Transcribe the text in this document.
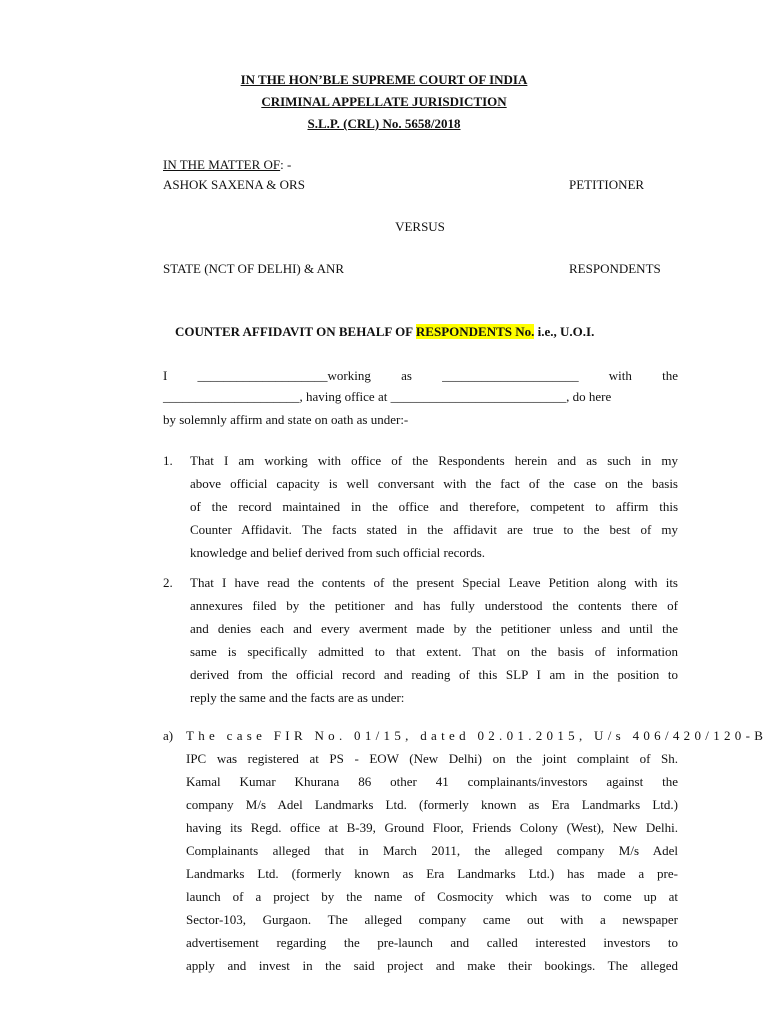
IN THE HON’BLE SUPREME COURT OF INDIA
CRIMINAL APPELLATE JURISDICTION
S.L.P. (CRL) No. 5658/2018
IN THE MATTER OF: -
ASHOK SAXENA & ORS	PETITIONER
VERSUS
STATE (NCT OF DELHI) & ANR	RESPONDENTS
COUNTER AFFIDAVIT ON BEHALF OF RESPONDENTS No. i.e., U.O.I.
I ____________________working as _____________________ with the
_____________________, having office at ___________________________, do here
by solemnly affirm and state on oath as under:-
1. That I am working with office of the Respondents herein and as such in my
above official capacity is well conversant with the fact of the case on the basis
of the record maintained in the office and therefore, competent to affirm this
Counter Affidavit. The facts stated in the affidavit are true to the best of my
knowledge and belief derived from such official records.
2. That I have read the contents of the present Special Leave Petition along with its
annexures filed by the petitioner and has fully understood the contents there of
and denies each and every averment made by the petitioner unless and until the
same is specifically admitted to that extent. That on the basis of information
derived from the official record and reading of this SLP I am in the position to
reply the same and the facts are as under:
a) The case FIR No. 01/15, dated 02.01.2015, U/s 406/420/120-B
IPC was registered at PS - EOW (New Delhi) on the joint complaint of Sh.
Kamal Kumar Khurana 86 other 41 complainants/investors against the
company M/s Adel Landmarks Ltd. (formerly known as Era Landmarks Ltd.)
having its Regd. office at B-39, Ground Floor, Friends Colony (West), New Delhi.
Complainants alleged that in March 2011, the alleged company M/s Adel
Landmarks Ltd. (formerly known as Era Landmarks Ltd.) has made a pre-
launch of a project by the name of Cosmocity which was to come up at
Sector-103, Gurgaon. The alleged company came out with a newspaper
advertisement regarding the pre-launch and called interested investors to
apply and invest in the said project and make their bookings. The alleged
